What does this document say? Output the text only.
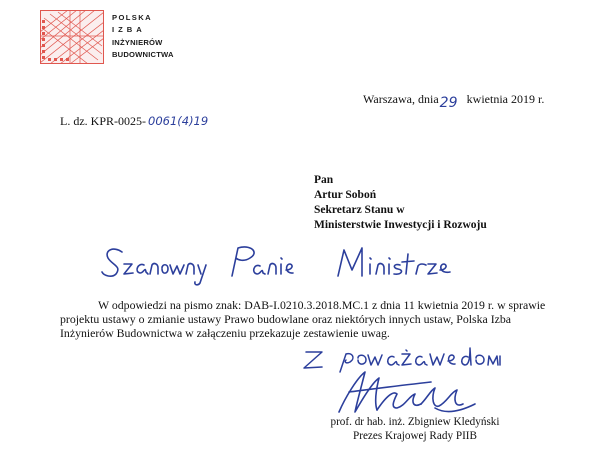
POLSKA
IZBA
INŻYNIERÓW
BUDOWNICTWA
Warszawa, dnia 29 kwietnia 2019 r.
L. dz. KPR-0025- 0061(4)19
Pan
Artur Soboń
Sekretarz Stanu w
Ministerstwie Inwestycji i Rozwoju
W odpowiedzi na pismo znak: DAB-I.0210.3.2018.MC.1 z dnia 11 kwietnia 2019 r. w sprawie projektu ustawy o zmianie ustawy Prawo budowlane oraz niektórych innych ustaw, Polska Izba Inżynierów Budownictwa w załączeniu przekazuje zestawienie uwag.
prof. dr hab. inż. Zbigniew Kledyński
Prezes Krajowej Rady PIIB
